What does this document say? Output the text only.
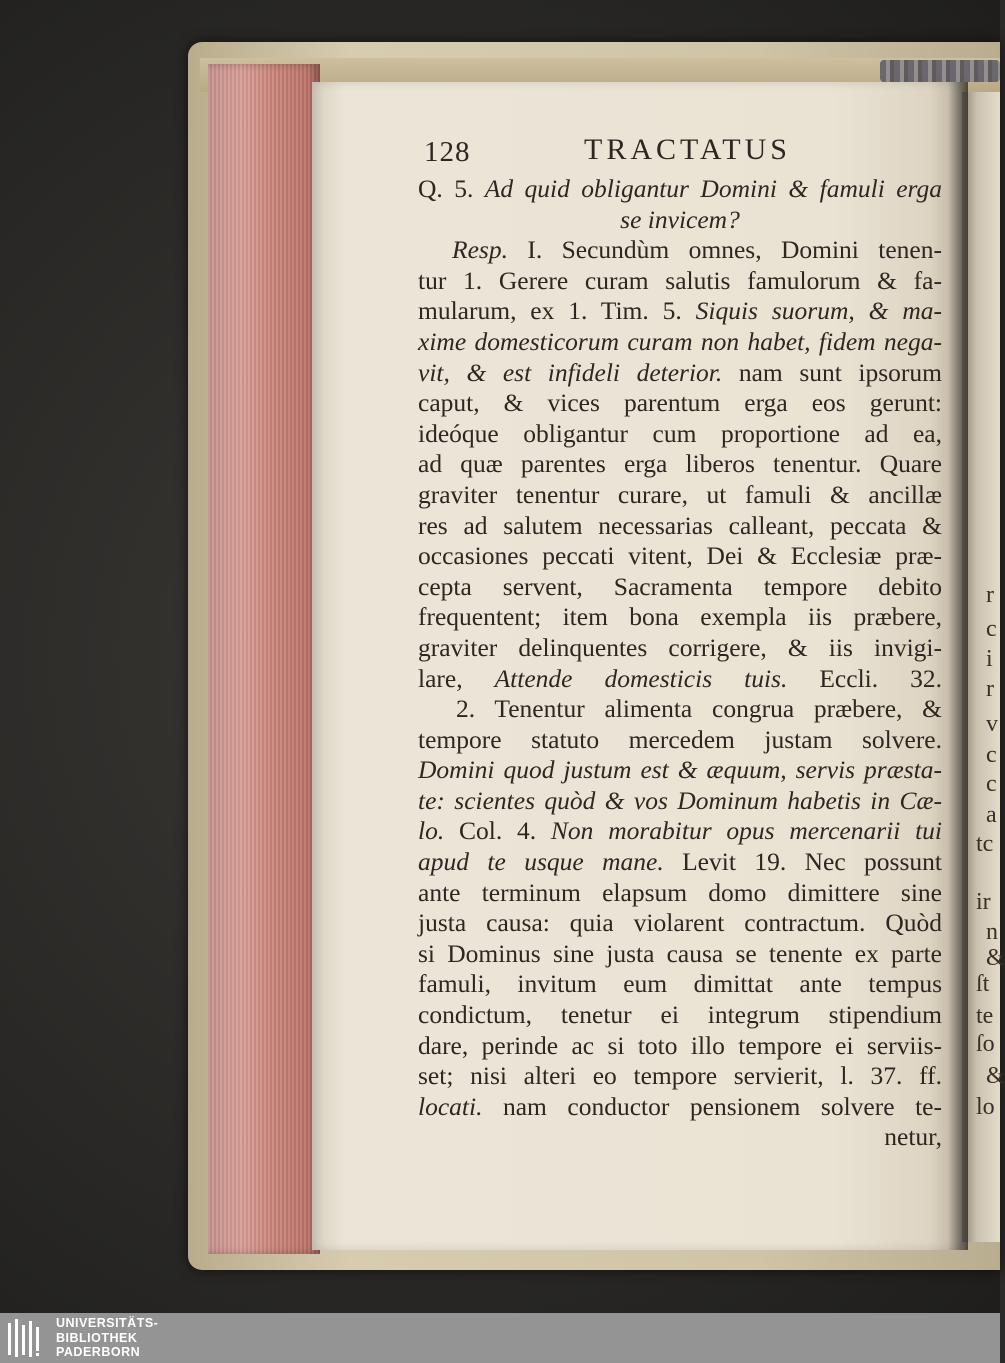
r
c
i
r
v
c
c
a
tc
ir
n
&
ſt
te
ſo
&
lo
128	TRACTATUS
Q. 5. Ad quid obligantur Domini & famuli erga
se invicem?
Resp. I. Secundùm omnes, Domini tenen-
tur 1. Gerere curam salutis famulorum & fa-
mularum, ex 1. Tim. 5. Siquis suorum, & ma-
xime domesticorum curam non habet, fidem nega-
vit, & est infideli deterior. nam sunt ipsorum
caput, & vices parentum erga eos gerunt:
ideóque obligantur cum proportione ad ea,
ad quæ parentes erga liberos tenentur. Quare
graviter tenentur curare, ut famuli & ancillæ
res ad salutem necessarias calleant, peccata &
occasiones peccati vitent, Dei & Ecclesiæ præ-
cepta servent, Sacramenta tempore debito
frequentent; item bona exempla iis præbere,
graviter delinquentes corrigere, & iis invigi-
lare, Attende domesticis tuis. Eccli. 32.
2. Tenentur alimenta congrua præbere, &
tempore statuto mercedem justam solvere.
Domini quod justum est & æquum, servis præsta-
te: scientes quòd & vos Dominum habetis in Cæ-
lo. Col. 4. Non morabitur opus mercenarii tui
apud te usque mane. Levit 19. Nec possunt
ante terminum elapsum domo dimittere sine
justa causa: quia violarent contractum. Quòd
si Dominus sine justa causa se tenente ex parte
famuli, invitum eum dimittat ante tempus
condictum, tenetur ei integrum stipendium
dare, perinde ac si toto illo tempore ei serviis-
set; nisi alteri eo tempore servierit, l. 37. ff.
locati. nam conductor pensionem solvere te-
netur,
UNIVERSITÄTS-
BIBLIOTHEK
PADERBORN
